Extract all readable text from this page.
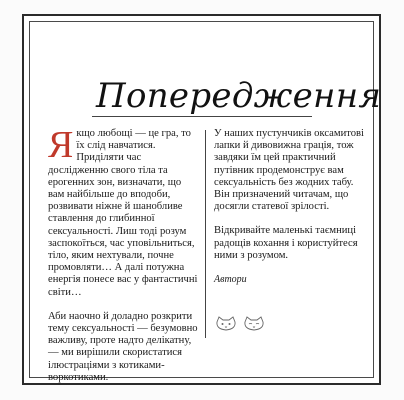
Попередження

Якщо любощі — це гра, то їх слід навчатися. Приділяти час дослідженню свого тіла та ерогенних зон, визначати, що вам найбільше до вподоби, розвивати ніжне й шанобливе ставлення до глибинної сексуальності. Лиш тоді розум заспокоїться, час уповільниться, тіло, яким нехтували, почне промовляти… А далі потужна енергія понесе вас у фантастичні світи…

Аби наочно й доладно розкрити тему сексуальності — безумовно важливу, проте надто делікатну, — ми вирішили скористатися ілюстраціями з котиками-воркотиками.

У наших пустунчиків оксамитові лапки й дивовижна грація, тож завдяки їм цей практичний путівник продемонструє вам сексуальність без жодних табу. Він призначений читачам, що досягли статевої зрілості.

Відкривайте маленькі таємниці радощів кохання і користуйтеся ними з розумом.

Автори
